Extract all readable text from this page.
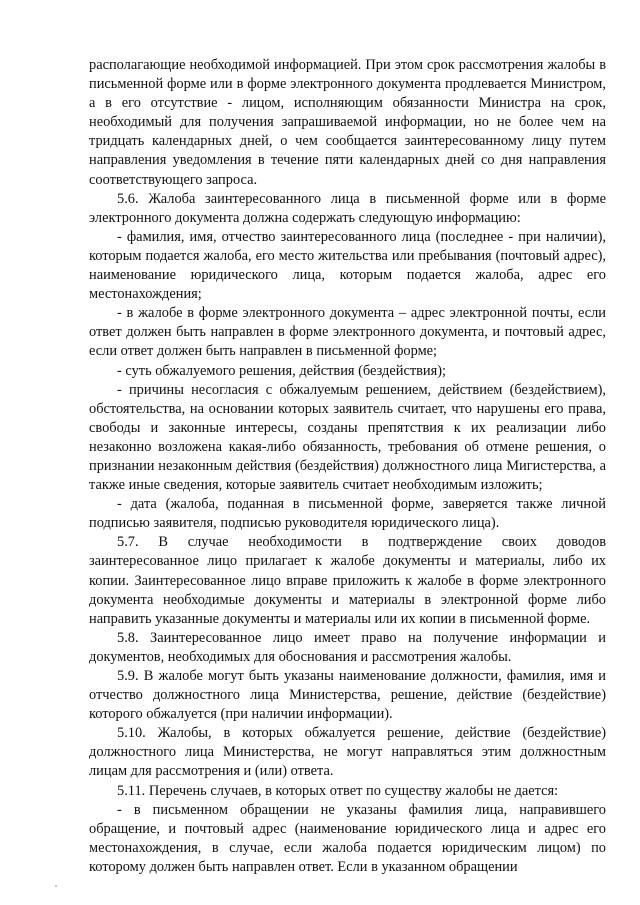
располагающие необходимой информацией. При этом срок рассмотрения жалобы в письменной форме или в форме электронного документа продлевается Министром, а в его отсутствие - лицом, исполняющим обязанности Министра на срок, необходимый для получения запрашиваемой информации, но не более чем на тридцать календарных дней, о чем сообщается заинтересованному лицу путем направления уведомления в течение пяти календарных дней со дня направления соответствующего запроса.

5.6. Жалоба заинтересованного лица в письменной форме или в форме электронного документа должна содержать следующую информацию:

- фамилия, имя, отчество заинтересованного лица (последнее - при наличии), которым подается жалоба, его место жительства или пребывания (почтовый адрес), наименование юридического лица, которым подается жалоба, адрес его местонахождения;

- в жалобе в форме электронного документа – адрес электронной почты, если ответ должен быть направлен в форме электронного документа, и почтовый адрес, если ответ должен быть направлен в письменной форме;

- суть обжалуемого решения, действия (бездействия);

- причины несогласия с обжалуемым решением, действием (бездействием), обстоятельства, на основании которых заявитель считает, что нарушены его права, свободы и законные интересы, созданы препятствия к их реализации либо незаконно возложена какая-либо обязанность, требования об отмене решения, о признании незаконным действия (бездействия) должностного лица Мигистерства, а также иные сведения, которые заявитель считает необходимым изложить;

- дата (жалоба, поданная в письменной форме, заверяется также личной подписью заявителя, подписью руководителя юридического лица).

5.7. В случае необходимости в подтверждение своих доводов заинтересованное лицо прилагает к жалобе документы и материалы, либо их копии. Заинтересованное лицо вправе приложить к жалобе в форме электронного документа необходимые документы и материалы в электронной форме либо направить указанные документы и материалы или их копии в письменной форме.

5.8. Заинтересованное лицо имеет право на получение информации и документов, необходимых для обоснования и рассмотрения жалобы.

5.9. В жалобе могут быть указаны наименование должности, фамилия, имя и отчество должностного лица Министерства, решение, действие (бездействие) которого обжалуется (при наличии информации).

5.10. Жалобы, в которых обжалуется решение, действие (бездействие) должностного лица Министерства, не могут направляться этим должностным лицам для рассмотрения и (или) ответа.

5.11. Перечень случаев, в которых ответ по существу жалобы не дается:

- в письменном обращении не указаны фамилия лица, направившего обращение, и почтовый адрес (наименование юридического лица и адрес его местонахождения, в случае, если жалоба подается юридическим лицом) по которому должен быть направлен ответ. Если в указанном обращении
